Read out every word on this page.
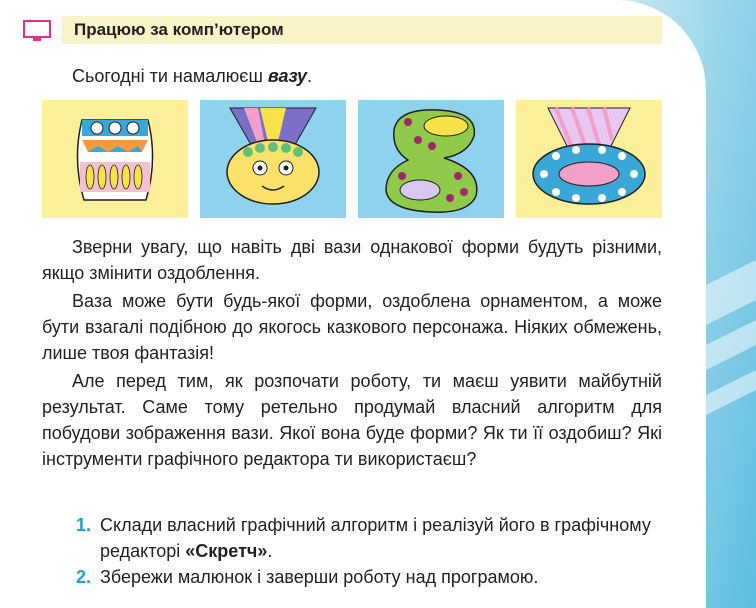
Працюю за комп’ютером
Сьогодні ти намалюєш вазу.

Зверни увагу, що навіть дві вази однакової форми будуть різними, якщо змінити оздоблення.

Ваза може бути будь-якої форми, оздоблена орнаментом, а може бути взагалі подібною до якогось казкового персонажа. Ніяких обмежень, лише твоя фантазія!

Але перед тим, як розпочати роботу, ти маєш уявити майбутній результат. Саме тому ретельно продумай власний алгоритм для побудови зображення вази. Якої вона буде форми? Як ти її оздобиш? Які інструменти графічного редактора ти використаєш?

1. Склади власний графічний алгоритм і реалізуй його в графічному редакторі «Скретч».
2. Збережи малюнок і заверши роботу над програмою.
